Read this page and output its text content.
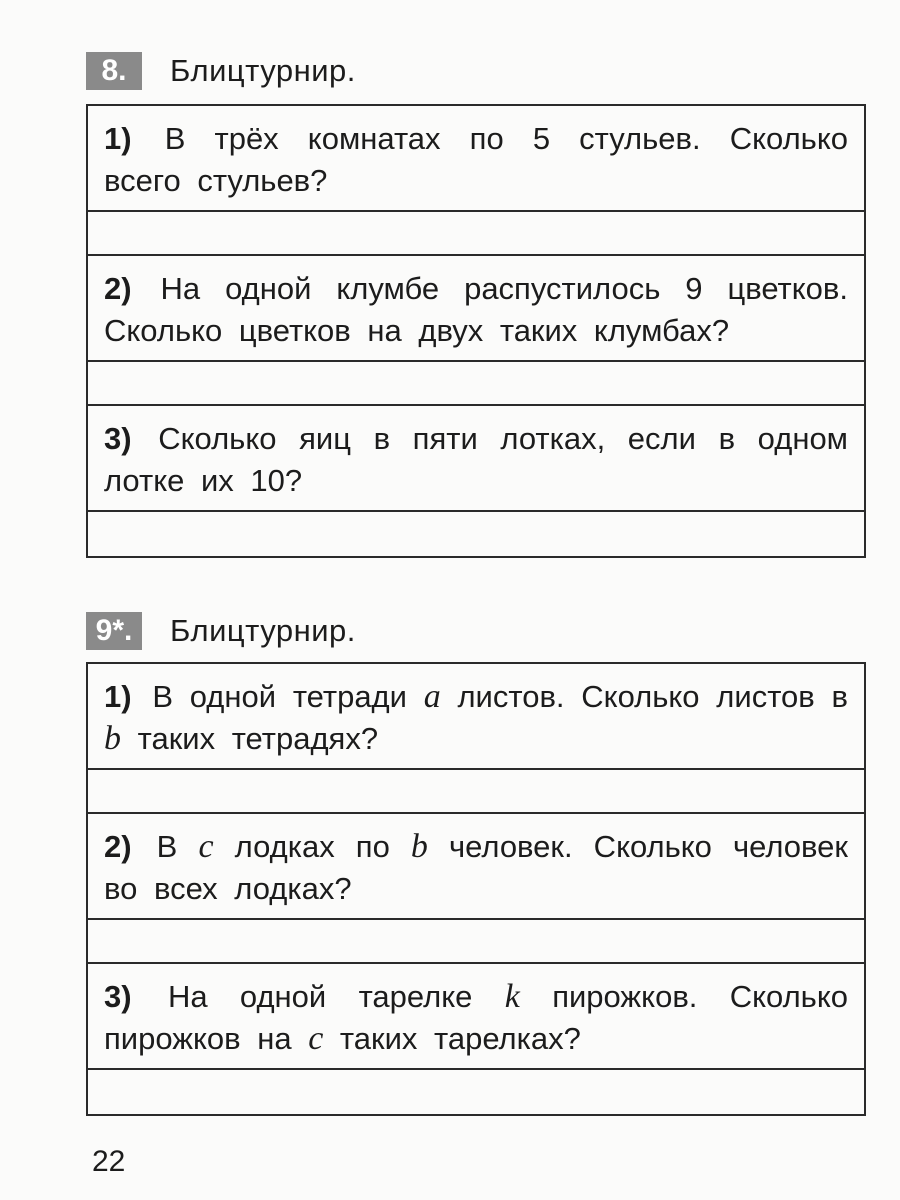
8.	Блицтурнир.
1) В трёх комнатах по 5 стульев. Сколько всего стульев?
2) На одной клумбе распустилось 9 цветков. Сколько цветков на двух таких клумбах?
3) Сколько яиц в пяти лотках, если в одном лотке их 10?
9*.	Блицтурнир.
1) В одной тетради a листов. Сколько листов в b таких тетрадях?
2) В c лодках по b человек. Сколько человек во всех лодках?
3) На одной тарелке k пирожков. Сколько пирожков на c таких тарелках?
22
